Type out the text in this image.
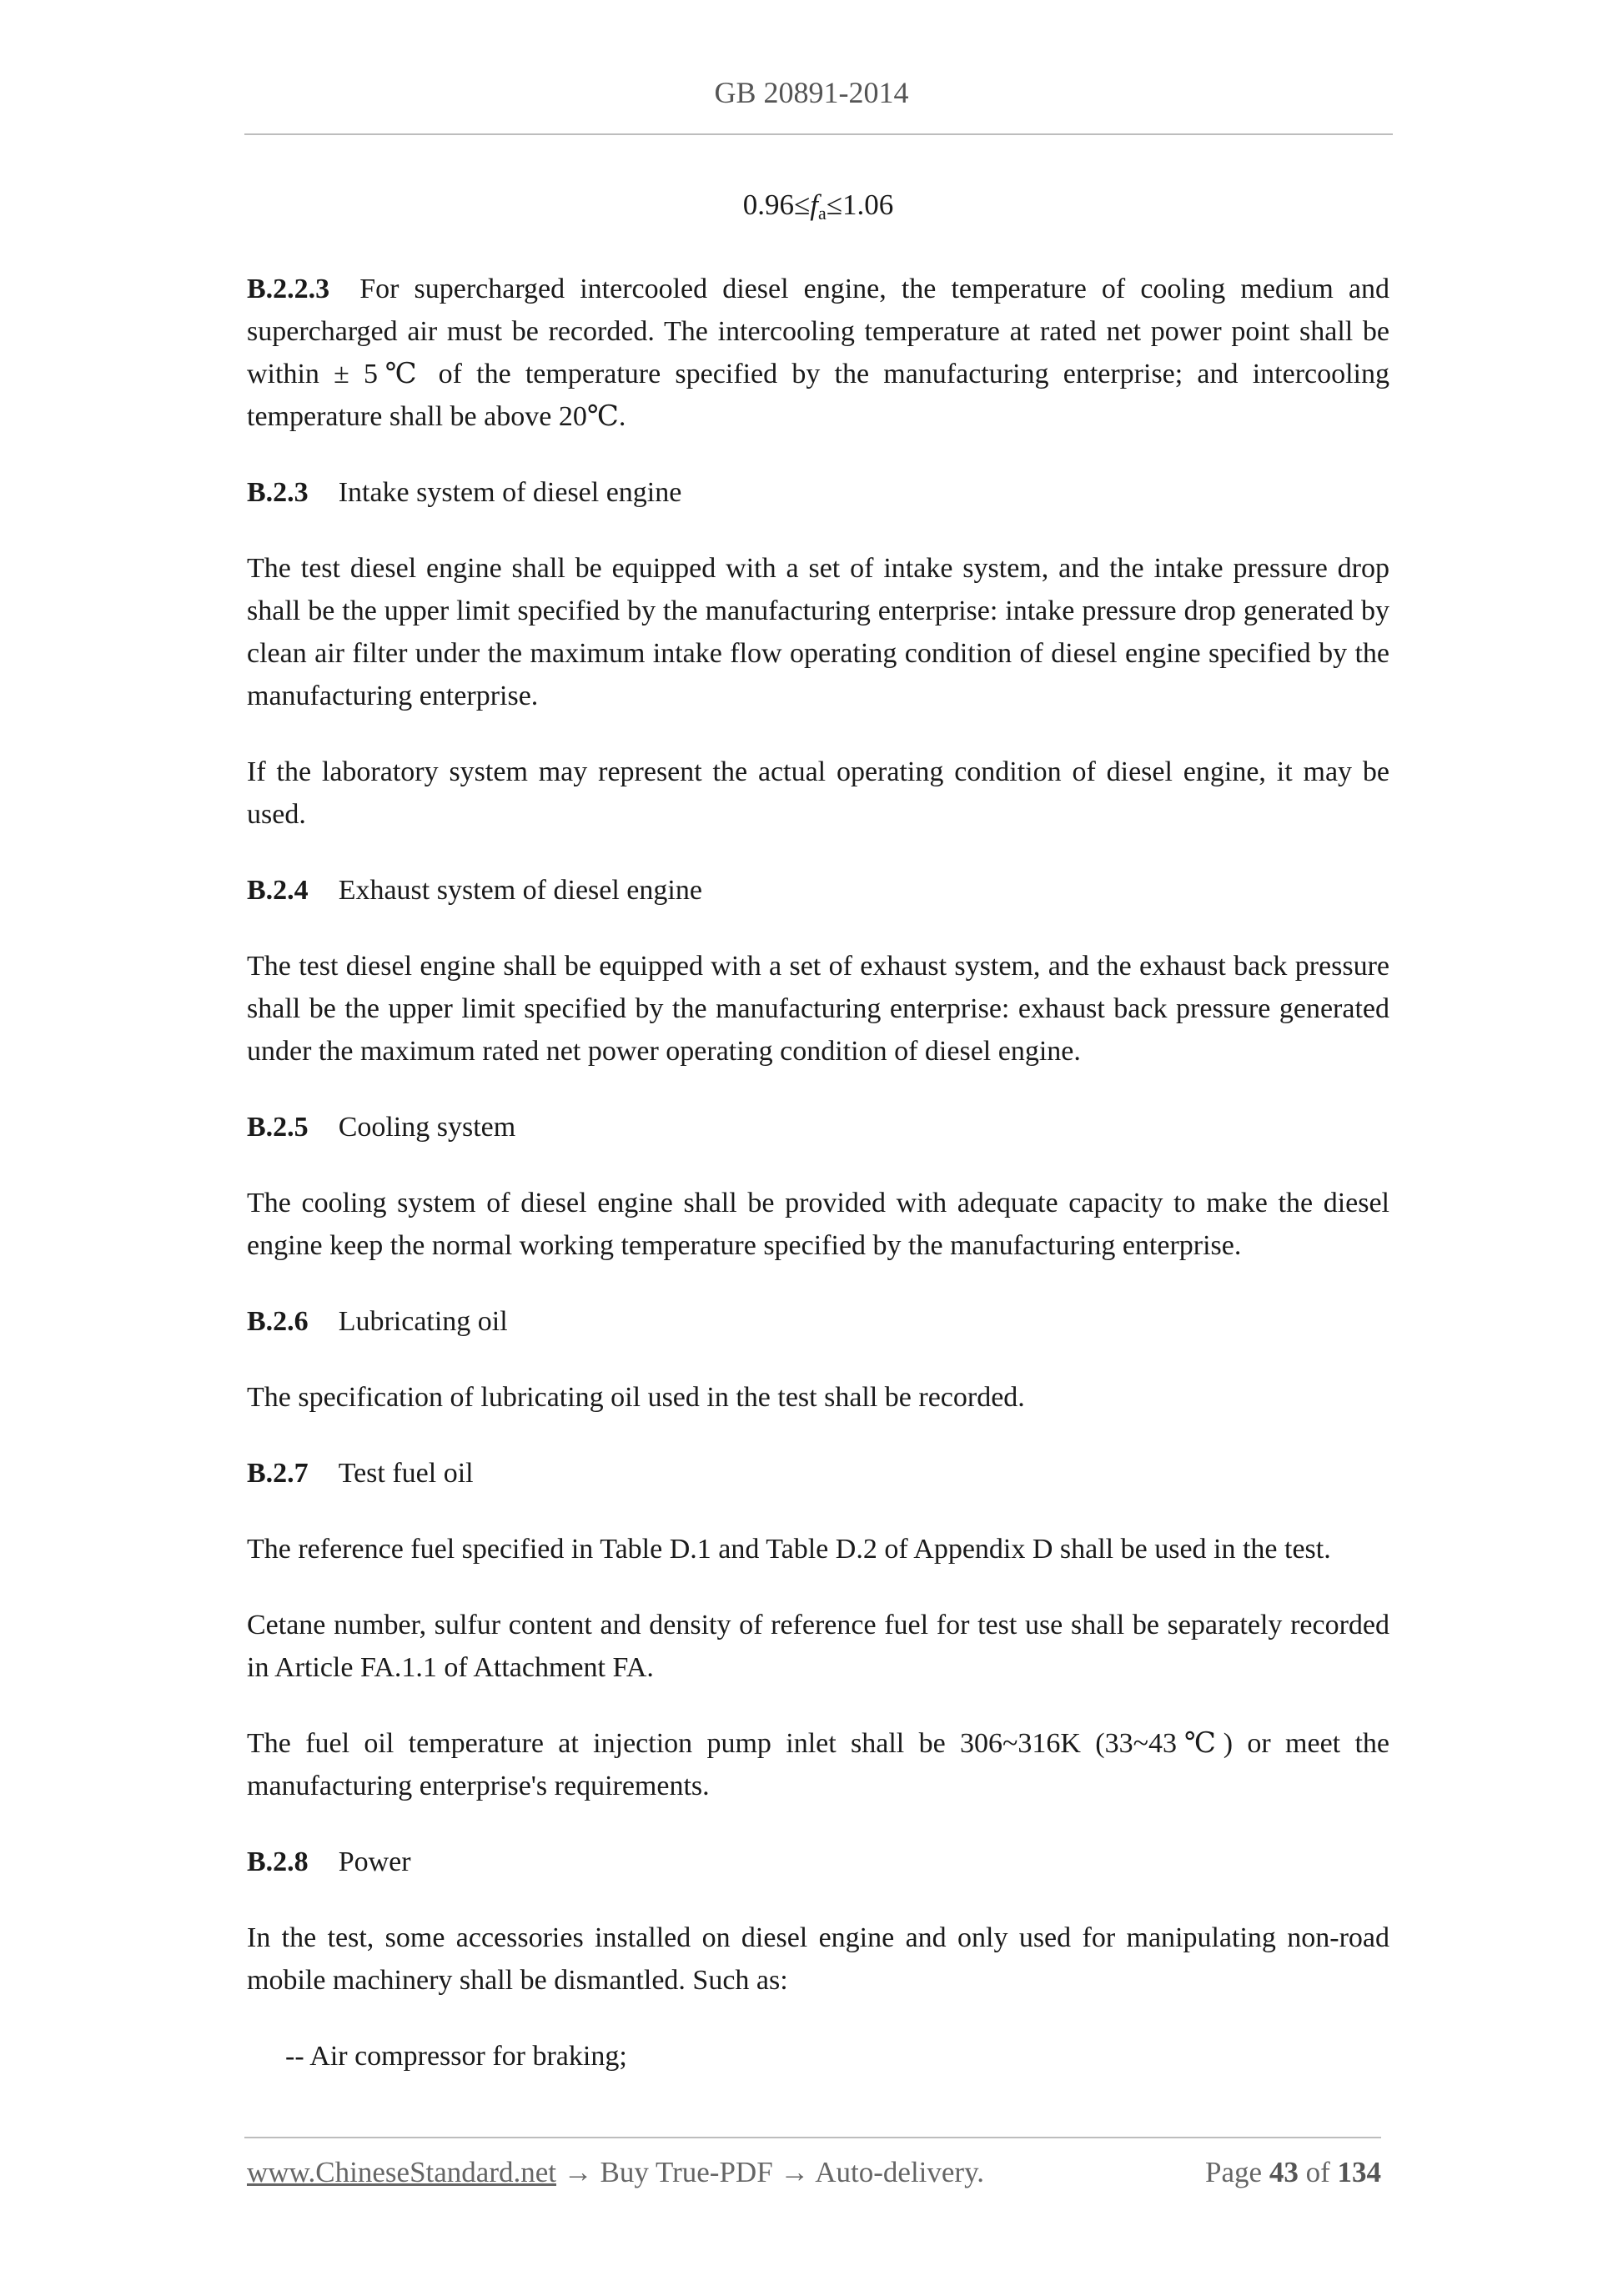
GB 20891-2014
$0.96\le f_a\le 1.06$

B.2.2.3 For supercharged intercooled diesel engine, the temperature of cooling medium and supercharged air must be recorded. The intercooling temperature at rated net power point shall be within ± 5℃ of the temperature specified by the manufacturing enterprise; and intercooling temperature shall be above 20℃.

B.2.3 Intake system of diesel engine

The test diesel engine shall be equipped with a set of intake system, and the intake pressure drop shall be the upper limit specified by the manufacturing enterprise: intake pressure drop generated by clean air filter under the maximum intake flow operating condition of diesel engine specified by the manufacturing enterprise.

If the laboratory system may represent the actual operating condition of diesel engine, it may be used.

B.2.4 Exhaust system of diesel engine

The test diesel engine shall be equipped with a set of exhaust system, and the exhaust back pressure shall be the upper limit specified by the manufacturing enterprise: exhaust back pressure generated under the maximum rated net power operating condition of diesel engine.

B.2.5 Cooling system

The cooling system of diesel engine shall be provided with adequate capacity to make the diesel engine keep the normal working temperature specified by the manufacturing enterprise.

B.2.6 Lubricating oil

The specification of lubricating oil used in the test shall be recorded.

B.2.7 Test fuel oil

The reference fuel specified in Table D.1 and Table D.2 of Appendix D shall be used in the test.

Cetane number, sulfur content and density of reference fuel for test use shall be separately recorded in Article FA.1.1 of Attachment FA.

The fuel oil temperature at injection pump inlet shall be 306~316K (33~43℃) or meet the manufacturing enterprise's requirements.

B.2.8 Power

In the test, some accessories installed on diesel engine and only used for manipulating non-road mobile machinery shall be dismantled. Such as:

-- Air compressor for braking;
www.ChineseStandard.net → Buy True-PDF → Auto-delivery.	Page 43 of 134
